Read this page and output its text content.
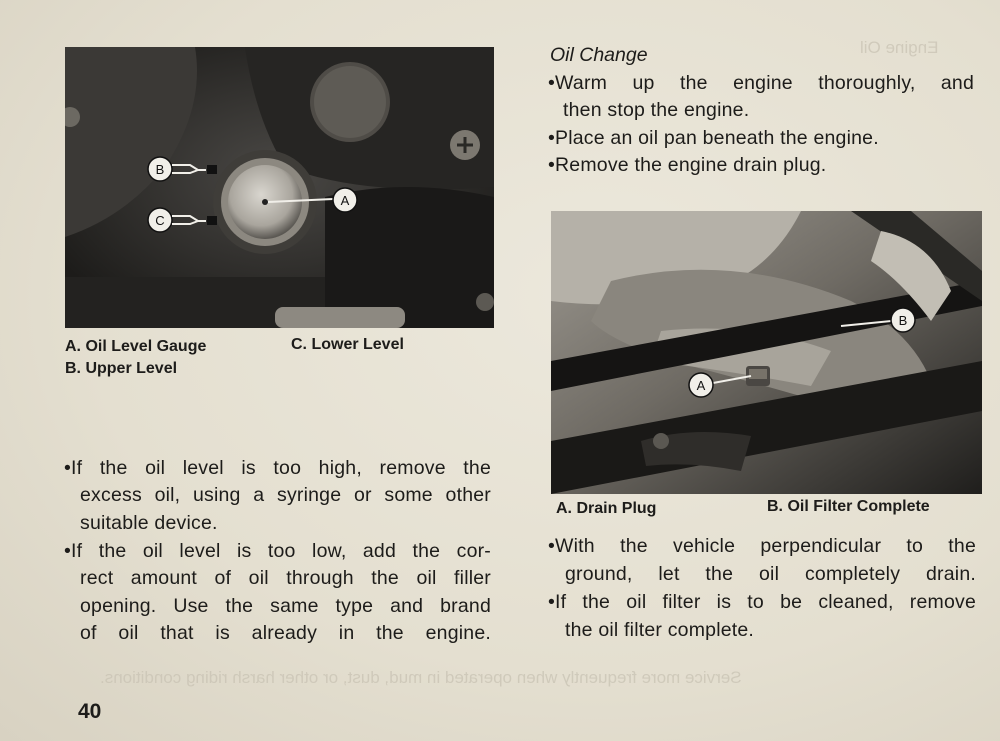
Engine Oil
Service more frequently when operated in mud, dust, or other harsh riding conditions.
B
C
A
A. Oil Level Gauge	C. Lower Level
B. Upper Level

•If the oil level is too high, remove the

excess oil, using a syringe or some other

suitable device.

•If the oil level is too low, add the cor-

rect amount of oil through the oil filler

opening. Use the same type and brand

of oil that is already in the engine.

Oil Change

•Warm up the engine thoroughly, and

then stop the engine.

•Place an oil pan beneath the engine.

•Remove the engine drain plug.

A
B
A. Drain Plug	B. Oil Filter Complete

•With the vehicle perpendicular to the

ground, let the oil completely drain.

•If the oil filter is to be cleaned, remove

the oil filter complete.

40
